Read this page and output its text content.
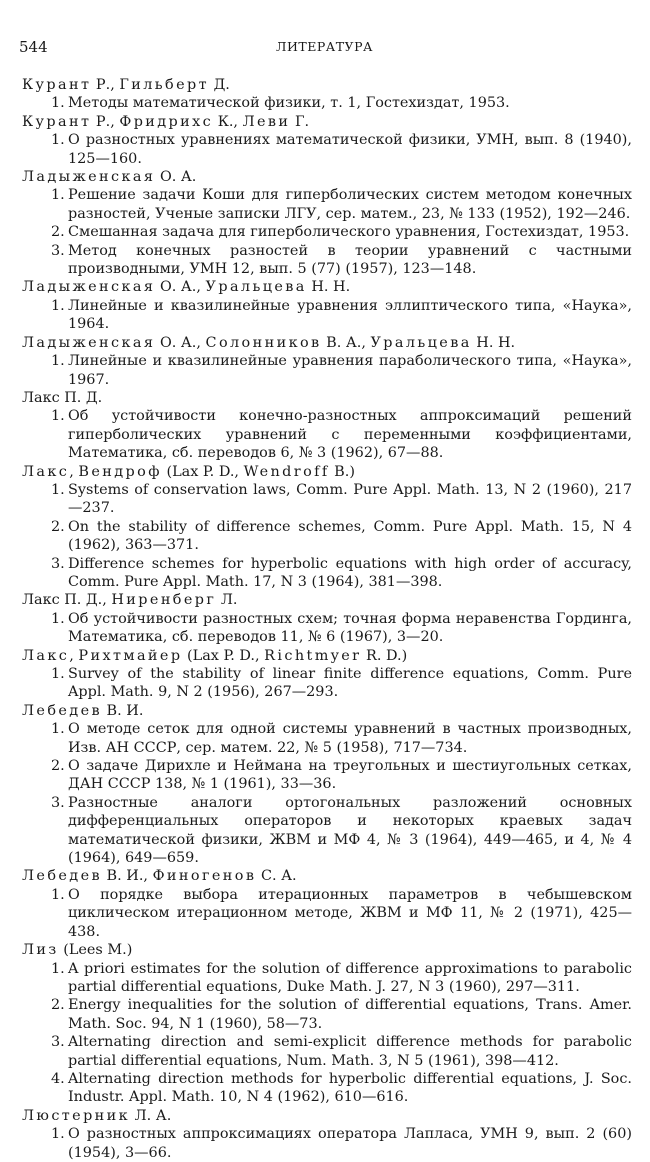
544	ЛИТЕРАТУРА
Курант Р., Гильберт Д.
1. Методы математической физики, т. 1, Гостехиздат, 1953.
Курант Р., Фридрихс К., Леви Г.
1. О разностных уравнениях математической физики, УМН, вып. 8 (1940), 125—160.
Ладыженская О. А.
1. Решение задачи Коши для гиперболических систем методом конечных разностей, Ученые записки ЛГУ, сер. матем., 23, № 133 (1952), 192—246.
2. Смешанная задача для гиперболического уравнения, Гостехиздат, 1953.
3. Метод конечных разностей в теории уравнений с частными производными, УМН 12, вып. 5 (77) (1957), 123—148.
Ладыженская О. А., Уральцева Н. Н.
1. Линейные и квазилинейные уравнения эллиптического типа, «Наука», 1964.
Ладыженская О. А., Солонников В. А., Уральцева Н. Н.
1. Линейные и квазилинейные уравнения параболического типа, «Наука», 1967.
Лакс П. Д.
1. Об устойчивости конечно-разностных аппроксимаций решений гиперболических уравнений с переменными коэффициентами, Математика, сб. переводов 6, № 3 (1962), 67—88.
Лакс, Вендроф (Lax P. D., Wendroff B.)
1. Systems of conservation laws, Comm. Pure Appl. Math. 13, N 2 (1960), 217—237.
2. On the stability of difference schemes, Comm. Pure Appl. Math. 15, N 4 (1962), 363—371.
3. Difference schemes for hyperbolic equations with high order of accuracy, Comm. Pure Appl. Math. 17, N 3 (1964), 381—398.
Лакс П. Д., Ниренберг Л.
1. Об устойчивости разностных схем; точная форма неравенства Гординга, Математика, сб. переводов 11, № 6 (1967), 3—20.
Лакс, Рихтмайер (Lax P. D., Richtmyer R. D.)
1. Survey of the stability of linear finite difference equations, Comm. Pure Appl. Math. 9, N 2 (1956), 267—293.
Лебедев В. И.
1. О методе сеток для одной системы уравнений в частных производных, Изв. АН СССР, сер. матем. 22, № 5 (1958), 717—734.
2. О задаче Дирихле и Неймана на треугольных и шестиугольных сетках, ДАН СССР 138, № 1 (1961), 33—36.
3. Разностные аналоги ортогональных разложений основных дифференциальных операторов и некоторых краевых задач математической физики, ЖВМ и МФ 4, № 3 (1964), 449—465, и 4, № 4 (1964), 649—659.
Лебедев В. И., Финогенов С. А.
1. О порядке выбора итерационных параметров в чебышевском циклическом итерационном методе, ЖВМ и МФ 11, № 2 (1971), 425—438.
Лиз (Lees M.)
1. A priori estimates for the solution of difference approximations to parabolic partial differential equations, Duke Math. J. 27, N 3 (1960), 297—311.
2. Energy inequalities for the solution of differential equations, Trans. Amer. Math. Soc. 94, N 1 (1960), 58—73.
3. Alternating direction and semi-explicit difference methods for parabolic partial differential equations, Num. Math. 3, N 5 (1961), 398—412.
4. Alternating direction methods for hyperbolic differential equations, J. Soc. Industr. Appl. Math. 10, N 4 (1962), 610—616.
Люстерник Л. А.
1. О разностных аппроксимациях оператора Лапласа, УМН 9, вып. 2 (60) (1954), 3—66.
